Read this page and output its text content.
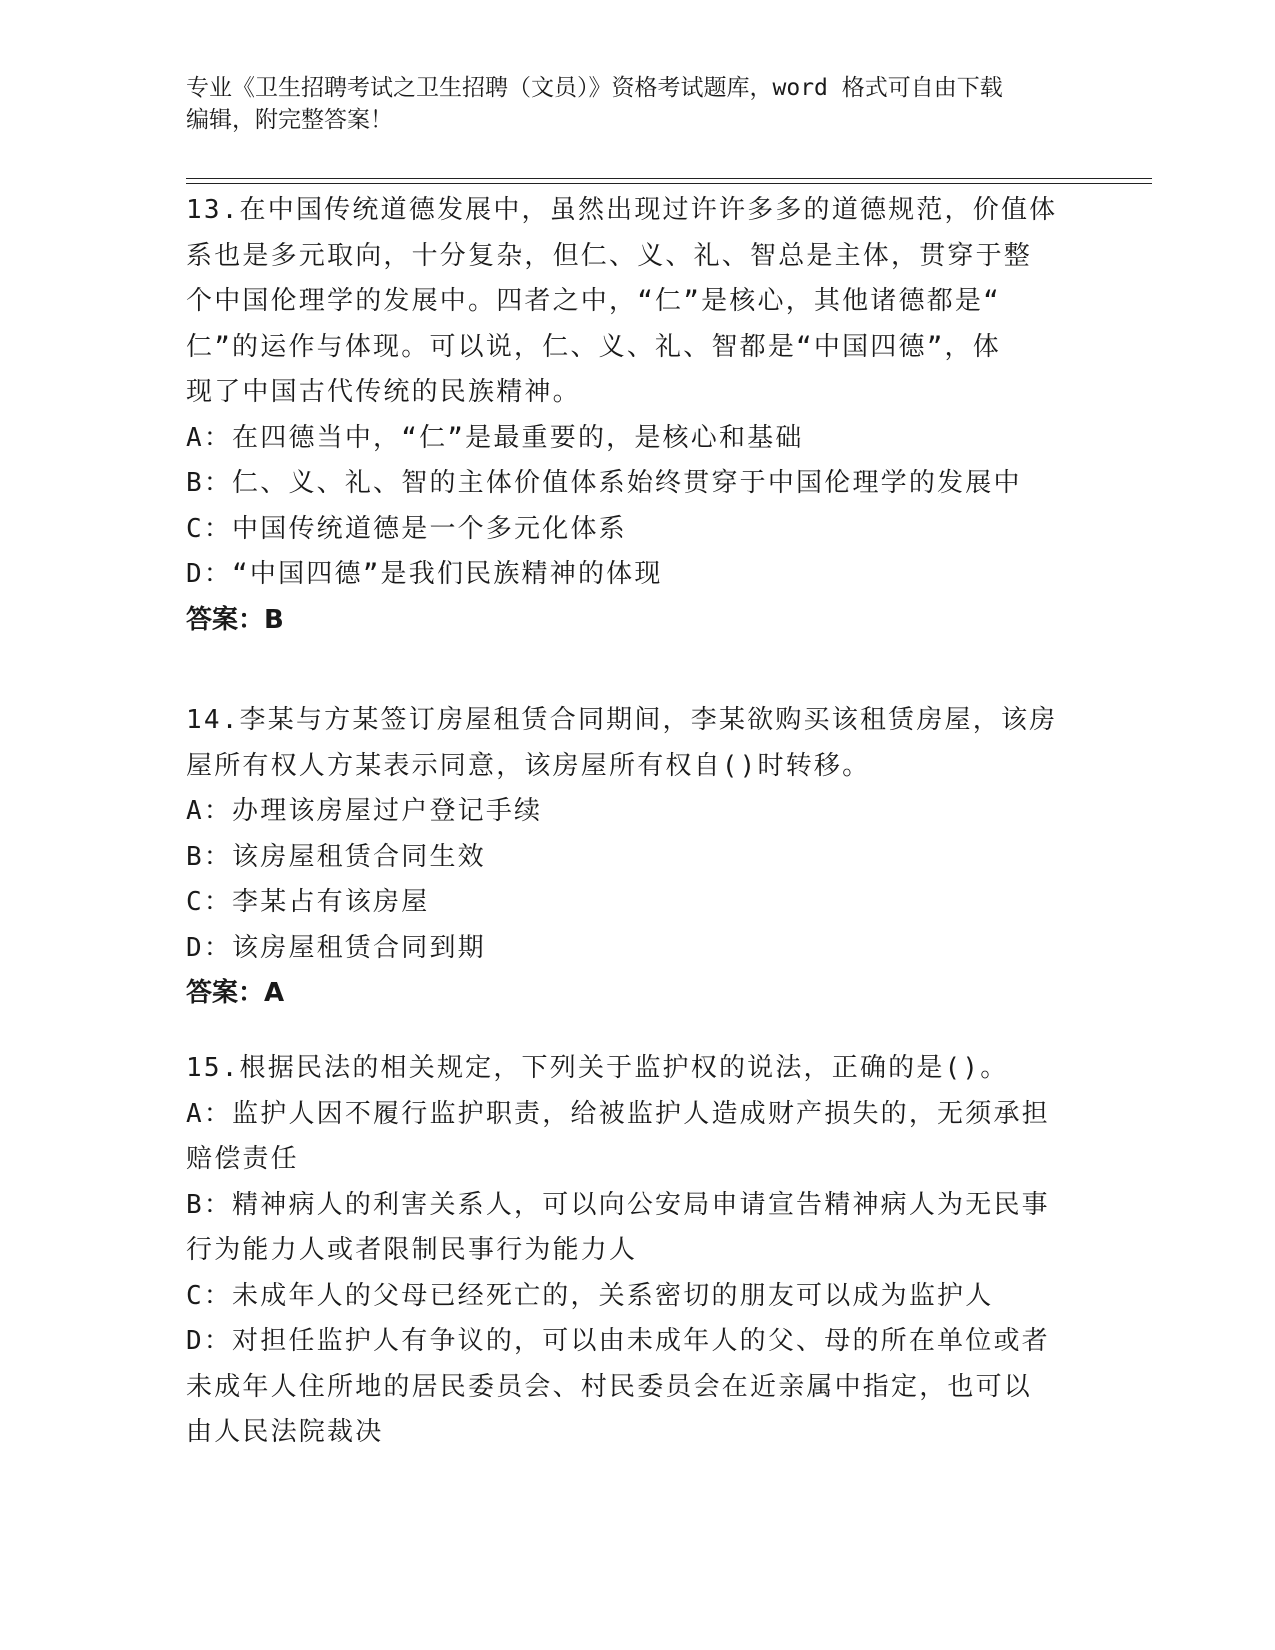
专业《卫生招聘考试之卫生招聘（文员）》资格考试题库，word 格式可自由下载
编辑，附完整答案！
13.在中国传统道德发展中，虽然出现过许许多多的道德规范，价值体
系也是多元取向，十分复杂，但仁、义、礼、智总是主体，贯穿于整
个中国伦理学的发展中。四者之中，“仁”是核心，其他诸德都是“
仁”的运作与体现。可以说，仁、义、礼、智都是“中国四德”，体
现了中国古代传统的民族精神。
A：在四德当中，“仁”是最重要的，是核心和基础
B：仁、义、礼、智的主体价值体系始终贯穿于中国伦理学的发展中
C：中国传统道德是一个多元化体系
D：“中国四德”是我们民族精神的体现
答案：B
14.李某与方某签订房屋租赁合同期间，李某欲购买该租赁房屋，该房
屋所有权人方某表示同意，该房屋所有权自()时转移。
A：办理该房屋过户登记手续
B：该房屋租赁合同生效
C：李某占有该房屋
D：该房屋租赁合同到期
答案：A
15.根据民法的相关规定，下列关于监护权的说法，正确的是()。
A：监护人因不履行监护职责，给被监护人造成财产损失的，无须承担
赔偿责任
B：精神病人的利害关系人，可以向公安局申请宣告精神病人为无民事
行为能力人或者限制民事行为能力人
C：未成年人的父母已经死亡的，关系密切的朋友可以成为监护人
D：对担任监护人有争议的，可以由未成年人的父、母的所在单位或者
未成年人住所地的居民委员会、村民委员会在近亲属中指定，也可以
由人民法院裁决
